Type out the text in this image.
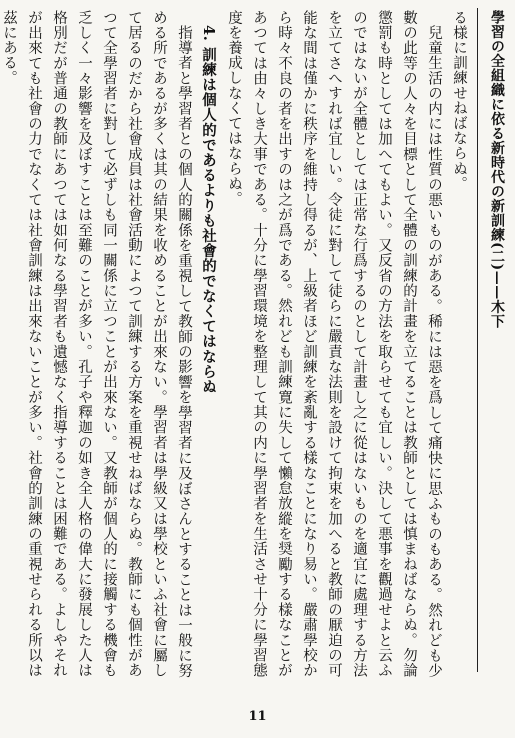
學習の全組織に依る新時代の新訓練(二)——木下

る様に訓練せねばならぬ。

兒童生活の内には性質の悪いものがある。稀には惡を爲して痛快に思ふものもある。然れども少數の此等の人々を目標として全體の訓練的計畫を立てることは教師としては慎まねばならぬ。勿論懲罰も時としては加へてもよい。又反省の方法を取らせても宜しい。決して悪事を觀過せよと云ふのではないが全體としては正常な行爲するのとして計畫し之に從はないものを適宜に處理する方法を立てさへすれば宜しい。令徒に對して徒らに嚴責な法則を設けて拘束を加へると教師の厭迫の可能な間は僅かに秩序を維持し得るが、上級者ほど訓練を紊亂する樣なことになり易い。嚴肅學校から時々不良の者を出すのは之が爲である。然れども訓練寛に失して懶怠放縱を奨勵する樣なことがあつては由々しき大事である。十分に學習環境を整理して其の内に學習者を生活させ十分に學習態度を養成しなくてはならぬ。

4. 訓練は個人的であるよりも社會的でなくてはならぬ

指導者と學習者との個人的關係を重視して教師の影響を學習者に及ぼさんとすることは一般に努める所であるが多くは其の結果を收めることが出來ない。學習者は學級又は學校といふ社會に屬して居るのだから社會成員は社會活動によつて訓練する方案を重視せねばならぬ。教師にも個性があつて全學習者に對して必ずしも同一關係に立つことが出來ない。又教師が個人的に接觸する機會も乏しく一々影響を及ぼすことは至難のことが多い。孔子や釋迦の如き全人格の偉大に發展した人は格別だが普通の教師にあつては如何なる學習者も遺憾なく指導することは困難である。よしやそれが出來ても社會の力でなくては社會訓練は出來ないことが多い。社會的訓練の重視せられる所以は茲にある。

11
